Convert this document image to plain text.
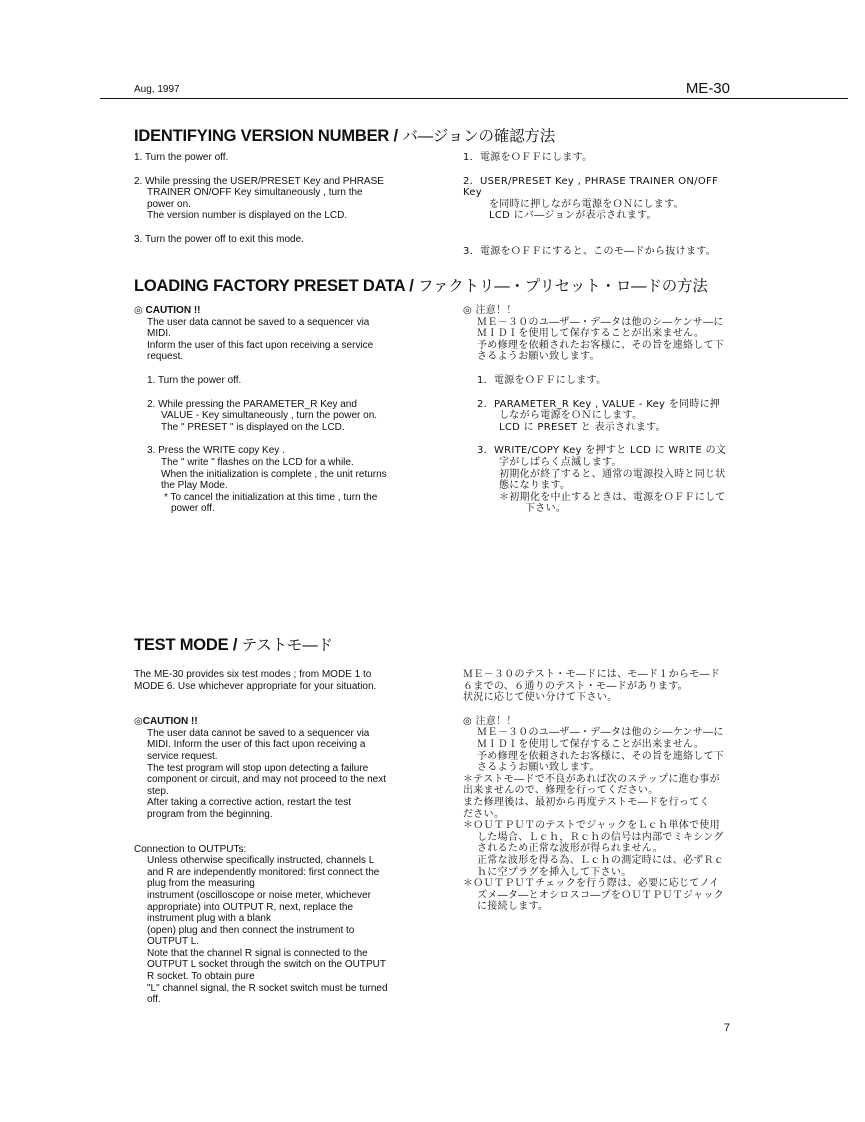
Aug, 1997	ME-30
IDENTIFYING VERSION NUMBER / バ―ジョンの確認方法

1. Turn the power off.

2. While pressing the USER/PRESET Key and PHRASE

TRAINER ON/OFF Key simultaneously , turn the

power on.

The version number is displayed on the LCD.

3. Turn the power off to exit this mode.

1．電源をＯＦＦにします。

2．USER/PRESET Key , PHRASE TRAINER ON/OFF Key

を同時に押しながら電源をＯＮにします。

LCD にバ―ジョンが表示されます。

3．電源をＯＦＦにすると、このモ―ドから抜けます。

LOADING FACTORY PRESET DATA / ファクトリ―・プリセット・ロ―ドの方法

◎ CAUTION !!

The user data cannot be saved to a sequencer via

MIDI.

Inform the user of this fact upon receiving a service

request.

1. Turn the power off.

2. While pressing the PARAMETER_R Key and

VALUE - Key simultaneously , turn the power on.

The " PRESET " is displayed on the LCD.

3. Press the WRITE copy Key .

The " write " flashes on the LCD for a while.

When the initialization is complete , the unit returns

the Play Mode.

* To cancel the initialization at this time , turn the

power off.

◎ 注意！！

ＭＥ－３０のユ―ザ―・デ―タは他のシ―ケンサ―に

ＭＩＤＩを使用して保存することが出来ません。

予め修理を依頼されたお客様に、その旨を連絡して下

さるようお願い致します。

1．電源をＯＦＦにします。

2．PARAMETER_R Key , VALUE - Key を同時に押

しながら電源をＯＮにします。

LCD に PRESET と 表示されます。

3．WRITE/COPY Key を押すと LCD に WRITE の文

字がしばらく点滅します。

初期化が終了すると、通常の電源投入時と同じ状

態になります。

＊初期化を中止するときは、電源をＯＦＦにして

下さい。

TEST MODE / テストモ―ド

The ME-30 provides six test modes ; from MODE 1 to

MODE 6. Use whichever appropriate for your situation.

◎CAUTION !!

The user data cannot be saved to a sequencer via

MIDI. Inform the user of this fact upon receiving a

service request.

The test program will stop upon detecting a failure

component or circuit, and may not proceed to the next

step.

After taking a corrective action, restart the test

program from the beginning.

Connection to OUTPUTs:

Unless otherwise specifically instructed, channels L

and R are independently monitored: first connect the

plug from the measuring

instrument (oscilloscope or noise meter, whichever

appropriate) into OUTPUT R, next, replace the

instrument plug with a blank

(open) plug and then connect the instrument to

OUTPUT L.

Note that the channel R signal is connected to the

OUTPUT L socket through the switch on the OUTPUT

R socket. To obtain pure

"L" channel signal, the R socket switch must be turned

off.

ＭＥ－３０のテスト・モ―ドには、モ―ド１からモ―ド

６までの、６通りのテスト・モ―ドがあります。

状況に応じて使い分けて下さい。

◎ 注意！！

ＭＥ－３０のユ―ザ―・デ―タは他のシ―ケンサ―に

ＭＩＤＩを使用して保存することが出来ません。

予め修理を依頼されたお客様に、その旨を連絡して下

さるようお願い致します。

＊テストモ―ドで不良があれば次のステップに進む事が

出来ませんので、修理を行ってください。

また修理後は、最初から再度テストモ―ドを行ってく

ださい。

＊ＯＵＴＰＵＴのテストでジャックをＬｃｈ単体で使用

した場合、Ｌｃｈ，Ｒｃｈの信号は内部でミキシング

されるため正常な波形が得られません。

正常な波形を得る為、Ｌｃｈの測定時には、必ずＲｃ

ｈに空プラグを挿入して下さい。

＊ＯＵＴＰＵＴチェックを行う際は、必要に応じてノイ

ズメ―タ―とオシロスコ―プをＯＵＴＰＵＴジャック

に接続します。

7
